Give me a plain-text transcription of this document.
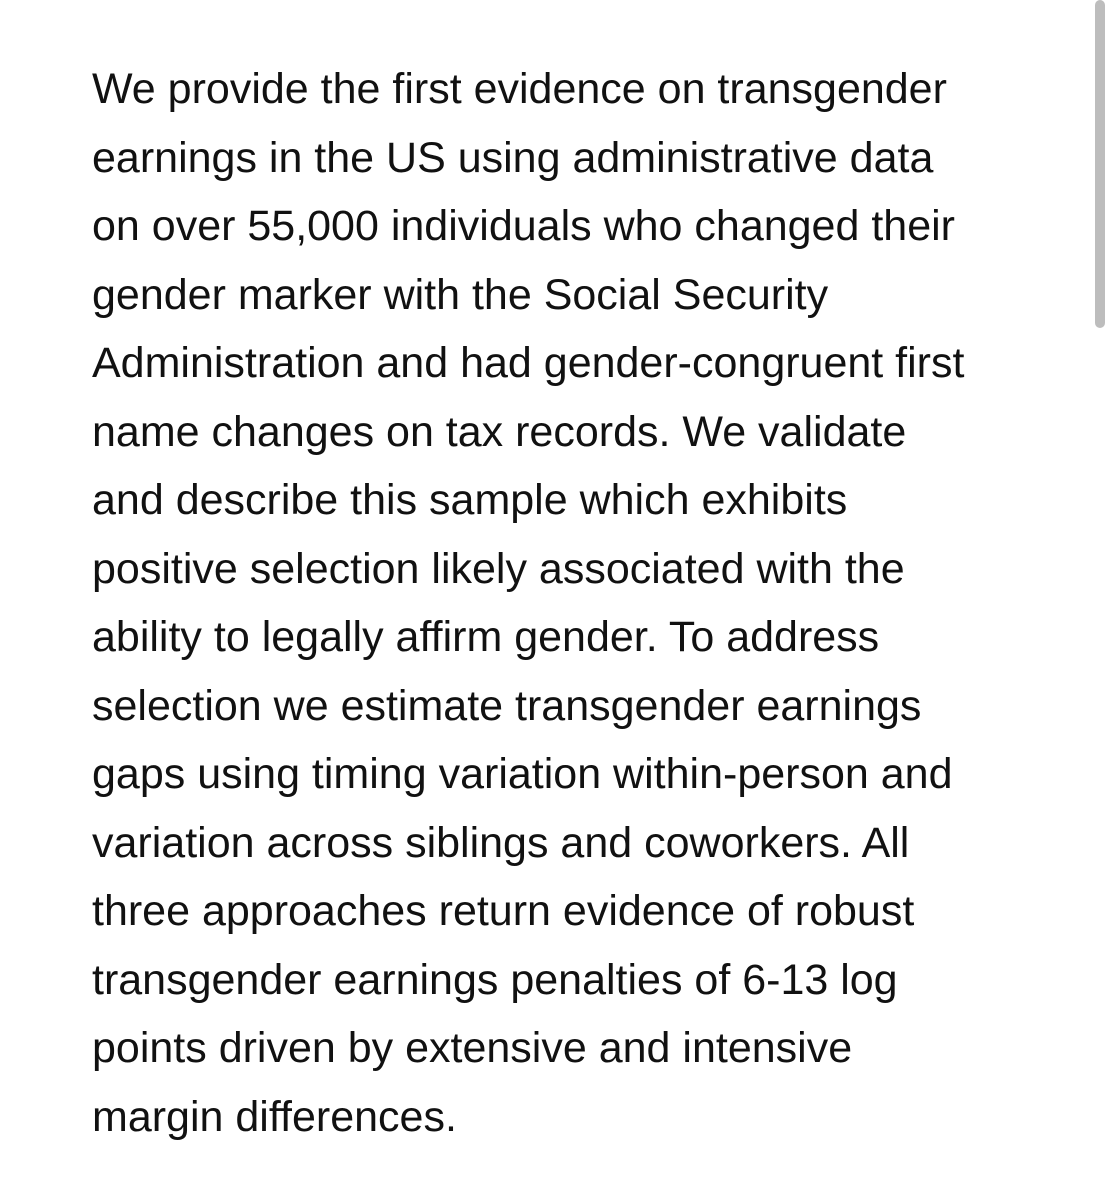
We provide the first evidence on transgender
earnings in the US using administrative data
on over 55,000 individuals who changed their
gender marker with the Social Security
Administration and had gender-congruent first
name changes on tax records. We validate
and describe this sample which exhibits
positive selection likely associated with the
ability to legally affirm gender. To address
selection we estimate transgender earnings
gaps using timing variation within-person and
variation across siblings and coworkers. All
three approaches return evidence of robust
transgender earnings penalties of 6-13 log
points driven by extensive and intensive
margin differences.
